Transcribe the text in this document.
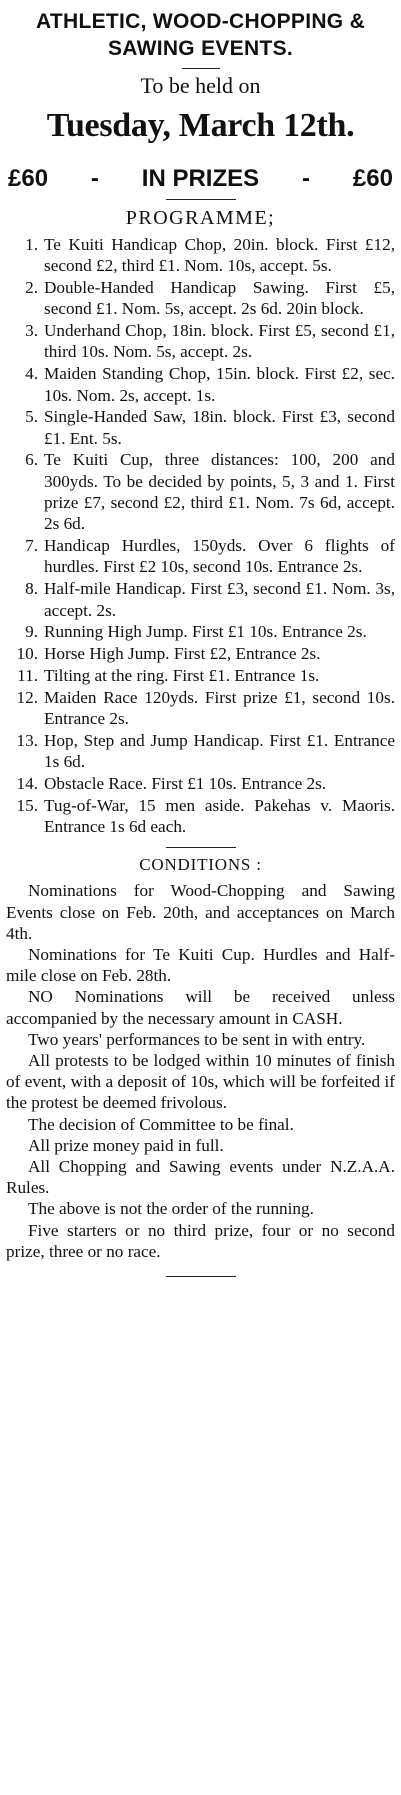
ATHLETIC, WOOD-CHOPPING &
SAWING EVENTS.
To be held on
Tuesday, March 12th.
£60 - IN PRIZES - £60
PROGRAMME;
1. Te Kuiti Handicap Chop, 20in. block. First £12, second £2, third £1. Nom. 10s, accept. 5s.
2. Double-Handed Handicap Sawing. First £5, second £1. Nom. 5s, accept. 2s 6d. 20in block.
3. Underhand Chop, 18in. block. First £5, second £1, third 10s. Nom. 5s, accept. 2s.
4. Maiden Standing Chop, 15in. block. First £2, sec. 10s. Nom. 2s, accept. 1s.
5. Single-Handed Saw, 18in. block. First £3, second £1. Ent. 5s.
6. Te Kuiti Cup, three distances: 100, 200 and 300yds. To be decided by points, 5, 3 and 1. First prize £7, second £2, third £1. Nom. 7s 6d, accept. 2s 6d.
7. Handicap Hurdles, 150yds. Over 6 flights of hurdles. First £2 10s, second 10s. Entrance 2s.
8. Half-mile Handicap. First £3, second £1. Nom. 3s, accept. 2s.
9. Running High Jump. First £1 10s. Entrance 2s.
10. Horse High Jump. First £2, Entrance 2s.
11. Tilting at the ring. First £1. Entrance 1s.
12. Maiden Race 120yds. First prize £1, second 10s. Entrance 2s.
13. Hop, Step and Jump Handicap. First £1. Entrance 1s 6d.
14. Obstacle Race. First £1 10s. Entrance 2s.
15. Tug-of-War, 15 men aside. Pakehas v. Maoris. Entrance 1s 6d each.
CONDITIONS :

Nominations for Wood-Chopping and Sawing Events close on Feb. 20th, and acceptances on March 4th.

Nominations for Te Kuiti Cup. Hurdles and Half-mile close on Feb. 28th.

NO Nominations will be received unless accompanied by the necessary amount in CASH.

Two years' performances to be sent in with entry.

All protests to be lodged within 10 minutes of finish of event, with a deposit of 10s, which will be forfeited if the protest be deemed frivolous.

The decision of Committee to be final.

All prize money paid in full.

All Chopping and Sawing events under N.Z.A.A. Rules.

The above is not the order of the running.

Five starters or no third prize, four or no second prize, three or no race.
